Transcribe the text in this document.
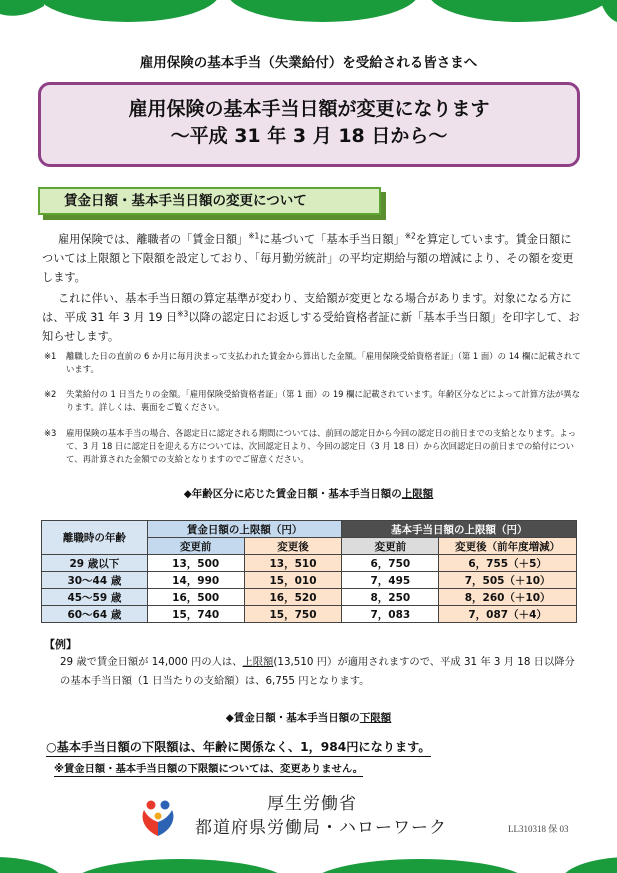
雇用保険の基本手当（失業給付）を受給される皆さまへ
雇用保険の基本手当日額が変更になります
～平成 31 年 3 月 18 日から～
賃金日額・基本手当日額の変更について
雇用保険では、離職者の「賃金日額」$^{※1}$に基づいて「基本手当日額」$^{※2}$を算定しています。賃金日額については上限額と下限額を設定しており、「毎月勤労統計」の平均定期給与額の増減により、その額を変更します。
これに伴い、基本手当日額の算定基準が変わり、支給額が変更となる場合があります。対象になる方には、平成 31 年 3 月 19 日$^{※3}$以降の認定日にお返しする受給資格者証に新「基本手当日額」を印字して、お知らせします。
※1 離職した日の直前の 6 か月に毎月決まって支払われた賃金から算出した金額。「雇用保険受給資格者証」（第 1 面）の 14 欄に記載されています。
※2 失業給付の 1 日当たりの金額。「雇用保険受給資格者証」（第 1 面）の 19 欄に記載されています。年齢区分などによって計算方法が異なります。詳しくは、裏面をご覧ください。
※3 雇用保険の基本手当の場合、各認定日に認定される期間については、前回の認定日から今回の認定日の前日までの支給となります。よって、3 月 18 日に認定日を迎える方については、次回認定日より、今回の認定日（3 月 18 日）から次回認定日の前日までの給付について、再計算された金額での支給となりますのでご留意ください。
◆年齢区分に応じた賃金日額・基本手当日額の上限額
離職時の年齢	賃金日額の上限額（円）		基本手当日額の上限額（円）	
	変更前	変更後	変更前	変更後（前年度増減）
29 歳以下	13，500	13，510	6，750	6，755（＋5）
30～44 歳	14，990	15，010	7，495	7，505（＋10）
45～59 歳	16，500	16，520	8，250	8，260（＋10）
60～64 歳	15，740	15，750	7，083	7，087（＋4）
【例】
29 歳で賃金日額が 14,000 円の人は、上限額(13,510 円）が適用されますので、平成 31 年 3 月 18 日以降分の基本手当日額（1 日当たりの支給額）は、6,755 円となります。
◆賃金日額・基本手当日額の下限額
○基本手当日額の下限額は、年齢に関係なく、1，984円になります。
※賃金日額・基本手当日額の下限額については、変更ありません。
厚生労働省
都道府県労働局・ハローワーク	LL310318 保 03
